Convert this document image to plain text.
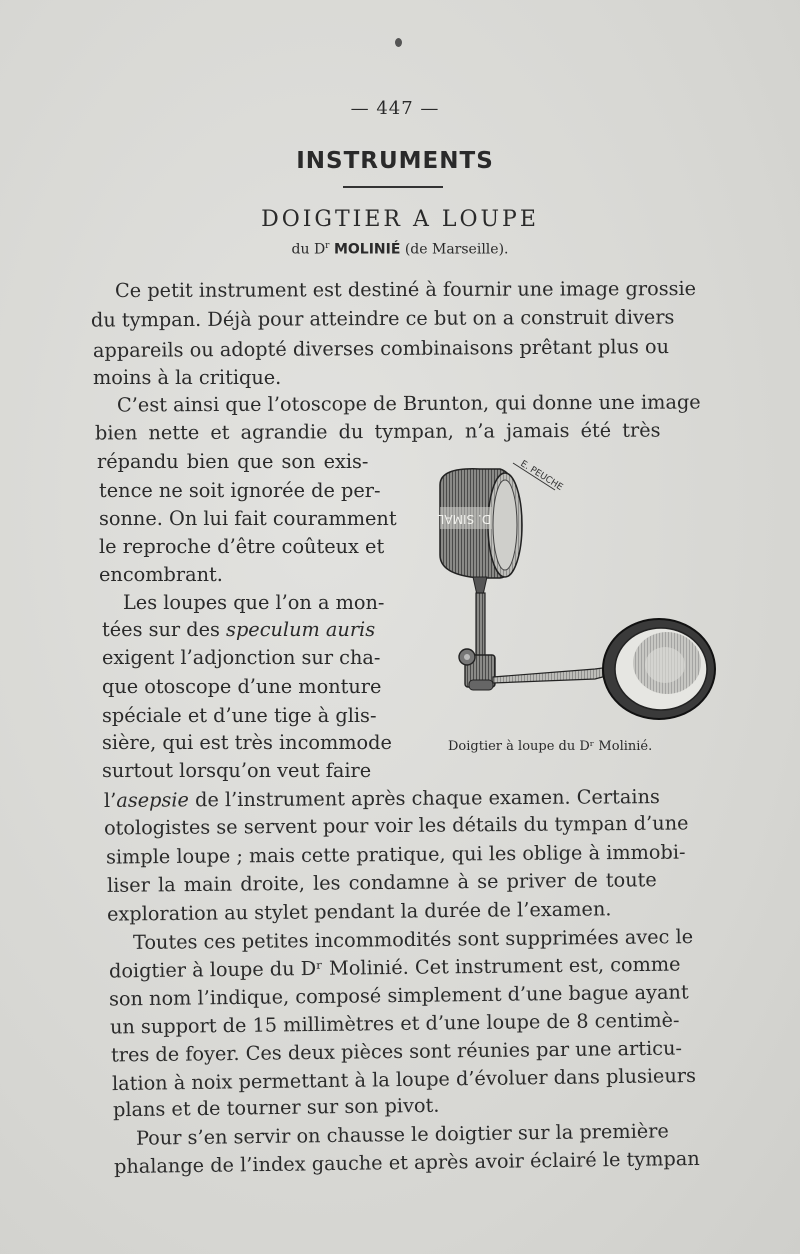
— 447 —
INSTRUMENTS
DOIGTIER A LOUPE
du $D^r$ MOLINIÉ (de Marseille).
Ce petit instrument est destiné à fournir une image grossie
du tympan. Déjà pour atteindre ce but on a construit divers
appareils ou adopté diverses combinaisons prêtant plus ou
moins à la critique.
C’est ainsi que l’otoscope de Brunton, qui donne une image
bien nette et agrandie du tympan, n’a jamais été très
répandu bien que son exis-
tence ne soit ignorée de per-
sonne. On lui fait couramment
le reproche d’être coûteux et
encombrant.
Les loupes que l’on a mon-
tées sur des speculum auris
exigent l’adjonction sur cha-
que otoscope d’une monture
spéciale et d’une tige à glis-
sière, qui est très incommode
surtout lorsqu’on veut faire
l’asepsie de l’instrument après chaque examen. Certains
otologistes se servent pour voir les détails du tympan d’une
simple loupe ; mais cette pratique, qui les oblige à immobi-
liser la main droite, les condamne à se priver de toute
exploration au stylet pendant la durée de l’examen.
Toutes ces petites incommodités sont supprimées avec le
doigtier à loupe du Dʳ Molinié. Cet instrument est, comme
son nom l’indique, composé simplement d’une bague ayant
un support de 15 millimètres et d’une loupe de 8 centimè-
tres de foyer. Ces deux pièces sont réunies par une articu-
lation à noix permettant à la loupe d’évoluer dans plusieurs
plans et de tourner sur son pivot.
Pour s’en servir on chausse le doigtier sur la première
phalange de l’index gauche et après avoir éclairé le tympan
D. SIMAL
E. PEUCHE
Doigtier à loupe du Dʳ Molinié.
